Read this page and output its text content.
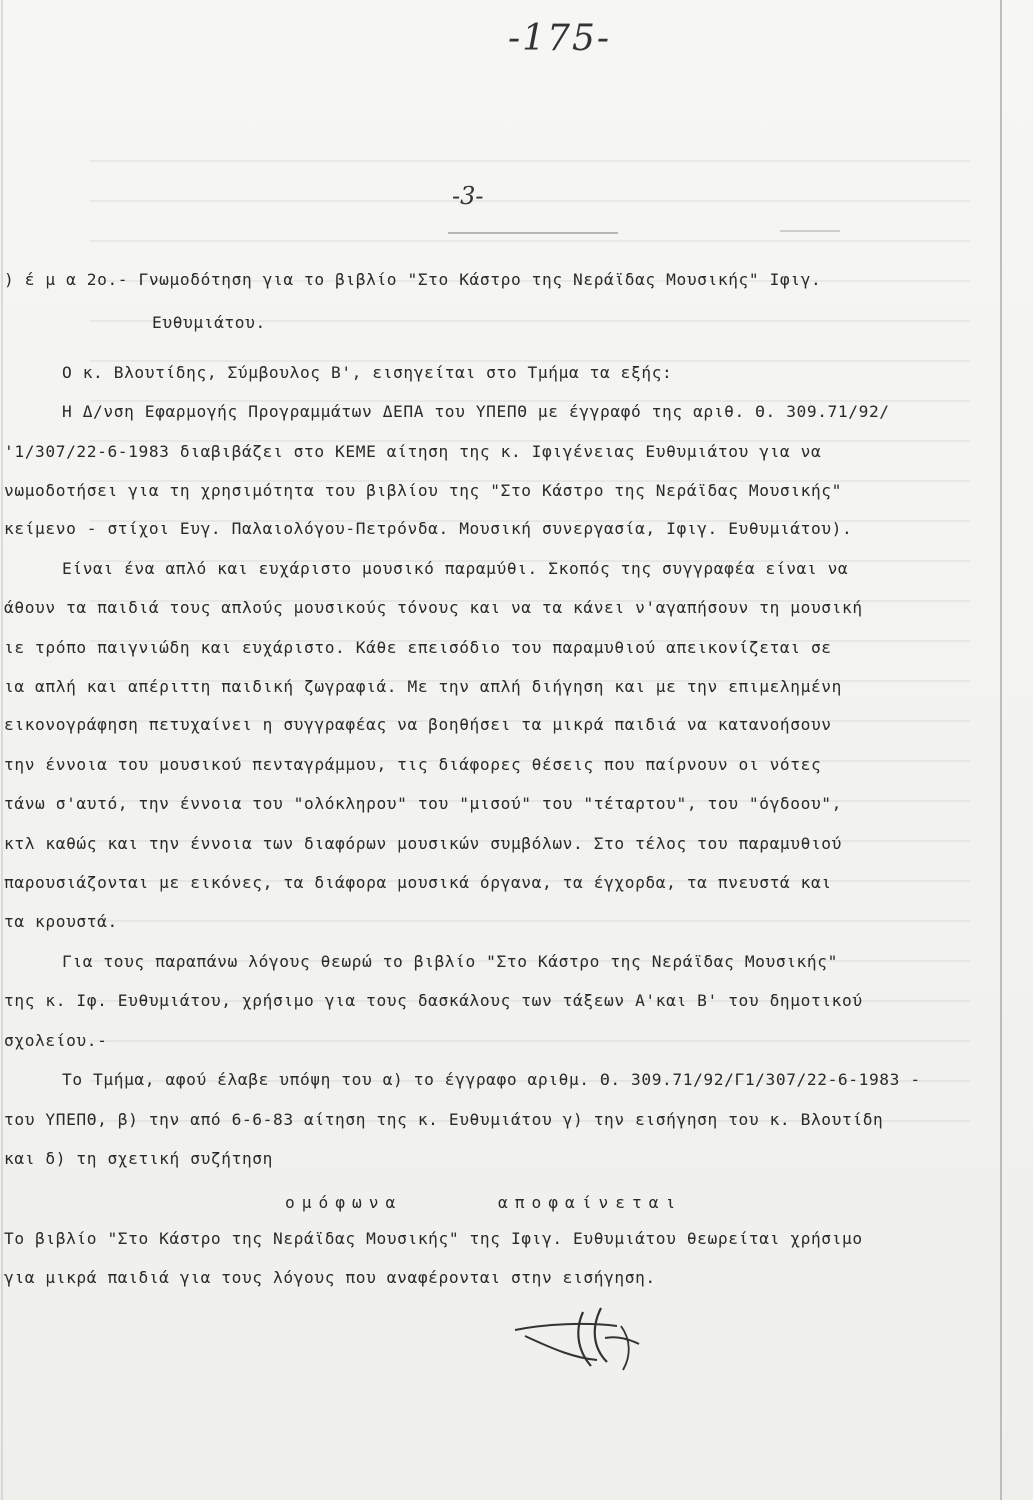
-175-
-3-
) έ μ α 2ο.- Γνωμοδότηση για το βιβλίο "Στο Κάστρο της Νεράϊδας Μουσικής" Ιφιγ.
Ευθυμιάτου.
O κ. Βλουτίδης, Σύμβουλος Β', εισηγείται στο Τμήμα τα εξής:
Η Δ/νση Εφαρμογής Προγραμμάτων ΔΕΠΑ του ΥΠΕΠΘ με έγγραφό της αριθ. Θ. 309.71/92/
'1/307/22-6-1983 διαβιβάζει στο ΚΕΜΕ αίτηση της κ. Ιφιγένειας Ευθυμιάτου για να
νωμοδοτήσει για τη χρησιμότητα του βιβλίου της "Στο Κάστρο της Νεράϊδας Μουσικής"
κείμενο - στίχοι Ευγ. Παλαιολόγου-Πετρόνδα. Μουσική συνεργασία, Ιφιγ. Ευθυμιάτου).
Είναι ένα απλό και ευχάριστο μουσικό παραμύθι. Σκοπός της συγγραφέα είναι να
άθουν τα παιδιά τους απλούς μουσικούς τόνους και να τα κάνει ν'αγαπήσουν τη μουσική
ιε τρόπο παιγνιώδη και ευχάριστο. Κάθε επεισόδιο του παραμυθιού απεικονίζεται σε
ια απλή και απέριττη παιδική ζωγραφιά. Με την απλή διήγηση και με την επιμελημένη
εικονογράφηση πετυχαίνει η συγγραφέας να βοηθήσει τα μικρά παιδιά να κατανοήσουν
την έννοια του μουσικού πενταγράμμου, τις διάφορες θέσεις που παίρνουν οι νότες
τάνω σ'αυτό, την έννοια του "ολόκληρου" του "μισού" του "τέταρτου", του "όγδοου",
κτλ καθώς και την έννοια των διαφόρων μουσικών συμβόλων. Στο τέλος του παραμυθιού
παρουσιάζονται με εικόνες, τα διάφορα μουσικά όργανα, τα έγχορδα, τα πνευστά και
τα κρουστά.
Για τους παραπάνω λόγους θεωρώ το βιβλίο "Στο Κάστρο της Νεράϊδας Μουσικής"
της κ. Ιφ. Ευθυμιάτου, χρήσιμο για τους δασκάλους των τάξεων Α'και Β' του δημοτικού
σχολείου.-
Το Τμήμα, αφού έλαβε υπόψη του α) το έγγραφο αριθμ. Θ. 309.71/92/Γ1/307/22-6-1983 -
του ΥΠΕΠΘ, β) την από 6-6-83 αίτηση της κ. Ευθυμιάτου γ) την εισήγηση του κ. Βλουτίδη
και δ) τη σχετική συζήτηση
ομόφωνα	αποφαίνεται
Το βιβλίο "Στο Κάστρο της Νεράϊδας Μουσικής" της Ιφιγ. Ευθυμιάτου θεωρείται χρήσιμο
για μικρά παιδιά για τους λόγους που αναφέρονται στην εισήγηση.
